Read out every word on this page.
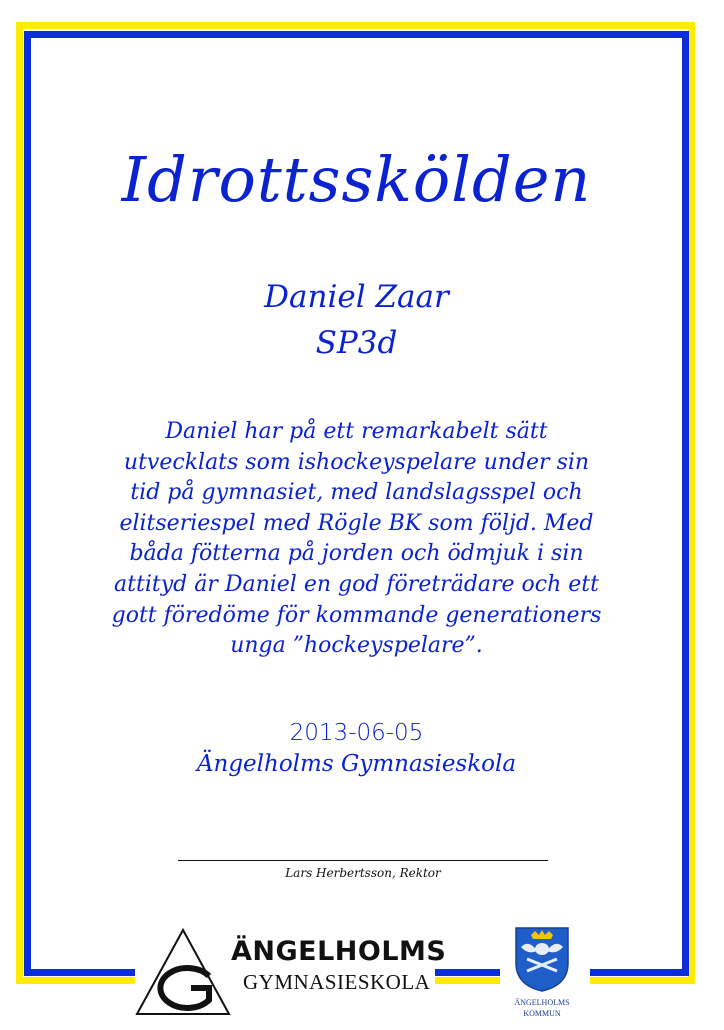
Idrottsskölden
Daniel Zaar
SP3d
Daniel har på ett remarkabelt sätt
utvecklats som ishockeyspelare under sin
tid på gymnasiet, med landslagsspel och
elitseriespel med Rögle BK som följd. Med
båda fötterna på jorden och ödmjuk i sin
attityd är Daniel en god företrädare och ett
gott föredöme för kommande generationers
unga ”hockeyspelare”.
2013-06-05
Ängelholms Gymnasieskola
Lars Herbertsson, Rektor
ÄNGELHOLMS
GYMNASIESKOLA
ÄNGELHOLMS
KOMMUN
